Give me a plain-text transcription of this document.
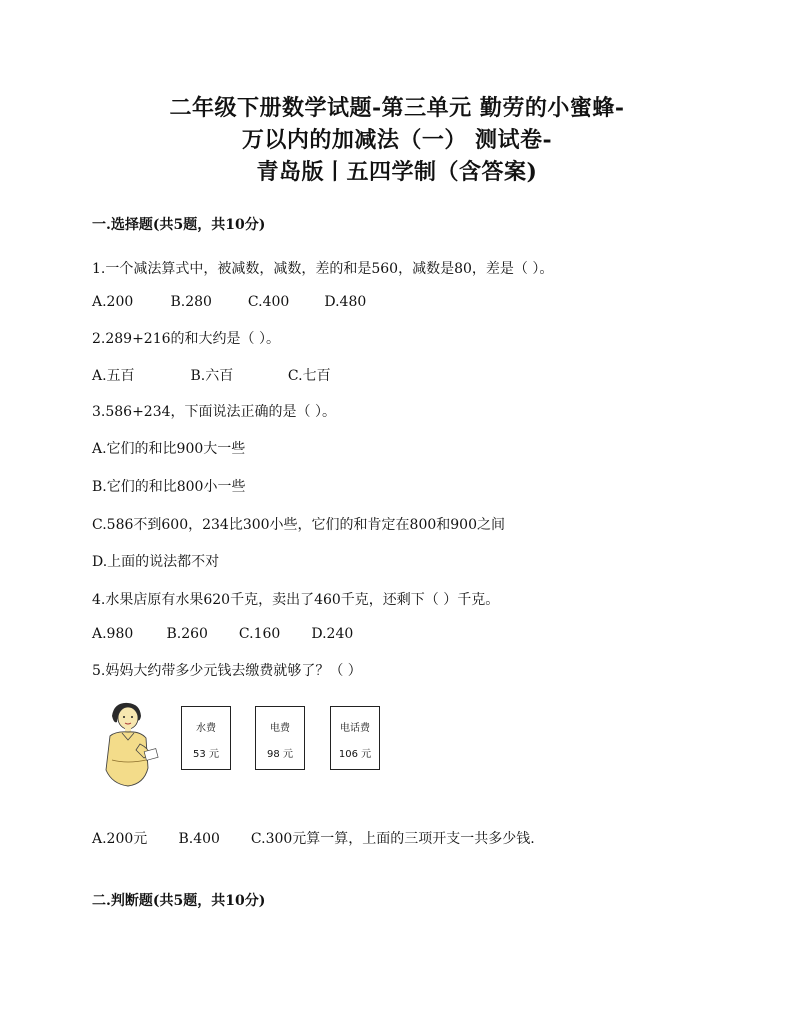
二年级下册数学试题-第三单元 勤劳的小蜜蜂-
万以内的加减法（一） 测试卷-
青岛版丨五四学制（含答案)
一.选择题(共5题，共10分)
1.一个减法算式中，被减数，减数，差的和是560，减数是80，差是（ ）。
A.200	B.280	C.400	D.480
2.289+216的和大约是（ ）。
A.五百	B.六百	C.七百
3.586+234，下面说法正确的是（ ）。
A.它们的和比900大一些
B.它们的和比800小一些
C.586不到600，234比300小些，它们的和肯定在800和900之间
D.上面的说法都不对
4.水果店原有水果620千克，卖出了460千克，还剩下（ ）千克。
A.980 B.260 C.160 D.240
5.妈妈大约带多少元钱去缴费就够了？（ ）
水费
53 元
电费
98 元
电话费
106 元
A.200元 B.400 C.300元算一算，上面的三项开支一共多少钱.
二.判断题(共5题，共10分)
